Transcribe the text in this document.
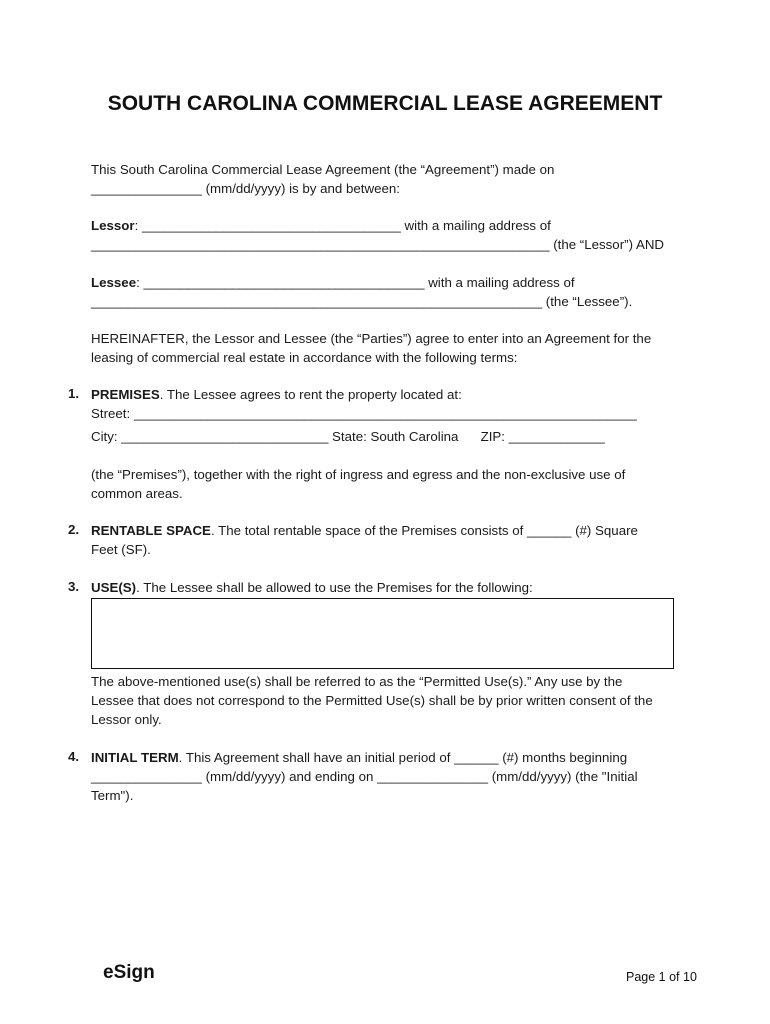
SOUTH CAROLINA COMMERCIAL LEASE AGREEMENT
This South Carolina Commercial Lease Agreement (the “Agreement”) made on
_______________ (mm/dd/yyyy) is by and between:
Lessor: ___________________________________ with a mailing address of
______________________________________________________________ (the “Lessor”) AND
Lessee: ______________________________________ with a mailing address of
_____________________________________________________________ (the “Lessee”).
HEREINAFTER, the Lessor and Lessee (the “Parties”) agree to enter into an Agreement for the
leasing of commercial real estate in accordance with the following terms:
1. PREMISES. The Lessee agrees to rent the property located at:
Street: ____________________________________________________________________
City: ____________________________ State: South Carolina      ZIP: _____________
(the “Premises”), together with the right of ingress and egress and the non-exclusive use of
common areas.
2. RENTABLE SPACE. The total rentable space of the Premises consists of ______ (#) Square
Feet (SF).
3. USE(S). The Lessee shall be allowed to use the Premises for the following:
The above-mentioned use(s) shall be referred to as the “Permitted Use(s).” Any use by the
Lessee that does not correspond to the Permitted Use(s) shall be by prior written consent of the
Lessor only.
4. INITIAL TERM. This Agreement shall have an initial period of ______ (#) months beginning
_______________ (mm/dd/yyyy) and ending on _______________ (mm/dd/yyyy) (the "Initial
Term").
eSign	Page 1 of 10
